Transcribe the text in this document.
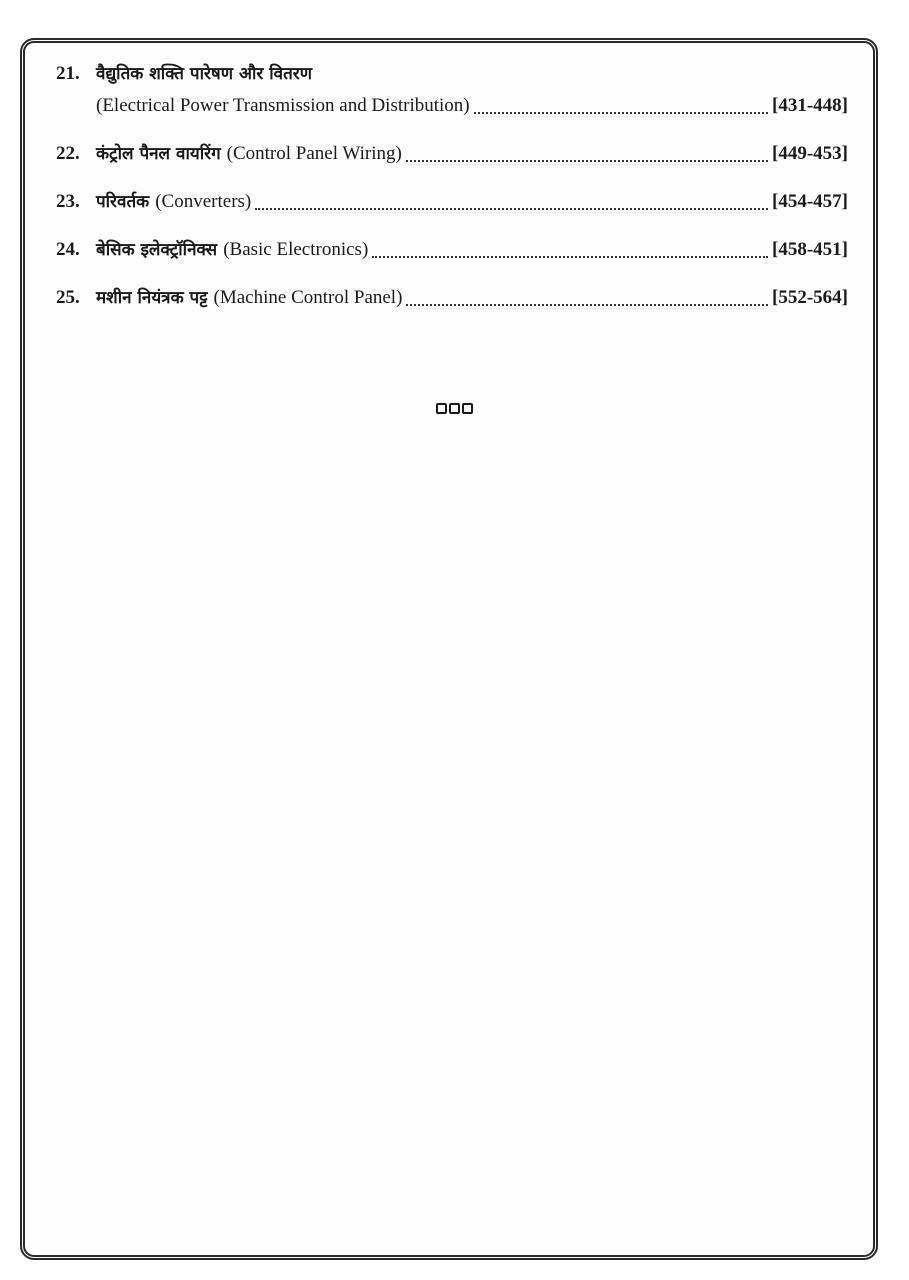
21. वैद्युतिक शक्ति पारेषण और वितरण
(Electrical Power Transmission and Distribution)	[431-448]
22. कंट्रोल पैनल वायरिंग (Control Panel Wiring)	[449-453]
23. परिवर्तक (Converters)	[454-457]
24. बेसिक इलेक्ट्रॉनिक्स (Basic Electronics)	[458-451]
25. मशीन नियंत्रक पट्ट (Machine Control Panel)	[552-564]
